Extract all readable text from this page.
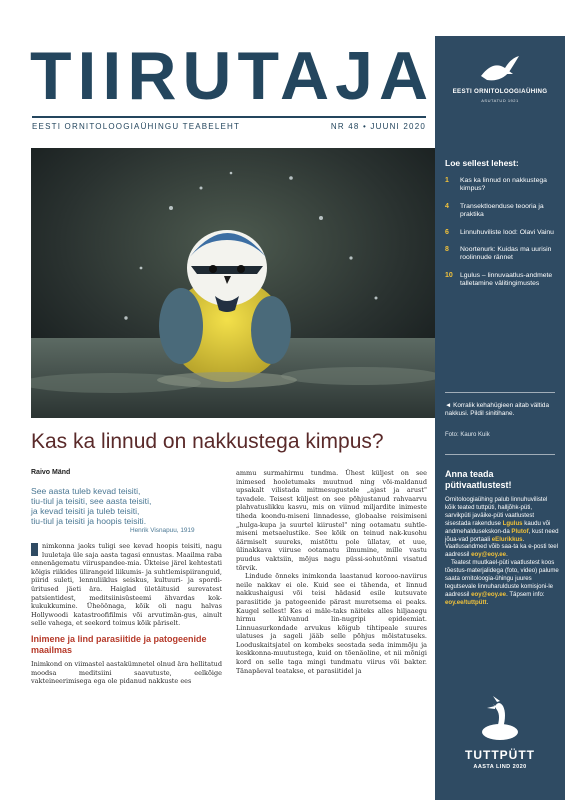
TIIRUTAJA
EESTI ORNITOLOOGIAÜHINGU TEABELEHT	NR 48 • JUUNI 2020
EESTI ORNITOLOOGIAÜHING
ASUTATUD 1921
Loe sellest lehest:
1	Kas ka linnud on nakkustega kimpus?
4	Transektloenduse teooria ja praktika
6	Linnuhuviliste lood: Olavi Vainu
8	Noortenurk: Kuidas ma uurisin roolinnude rännet
10	Lgulus – linnuvaatlus-andmete talletamine välitingimustes
◄ Korralik kehahügieen aitab vältida nakkusi. Pildil sinitihane.
Foto: Kauro Kuik
Anna teada pütivaatlustest!

Ornitoloogiaühing palub linnuhuvilistel kõik teated tuttpüti, halljõhk-püti, sarvikpüti javäike-püti vaatlustest sisestada rakenduse Lgulus kaudu või andmehaldusekskon-da Plutof, kust need jõua-vad portaali eElurikkus. Vaatlusandmed võib saa-ta ka e-posti teel aadressil eoy@eoy.ee.

Teatest muutkael-püti vaatlustest koos tõestus-materjalidega (foto, video) palume saata ornitoloogia-ühingu juures tegutsevale linnuharulduste komisjoni-le aadressil eoy@eoy.ee. Täpsem info: eoy.ee/tuttpütt.

TUTTPÜTT
AASTA LIND 2020
Kas ka linnud on nakkustega kimpus?
Raivo Mänd
See aasta tuleb kevad teisiti,
tiu-tiul ja teisiti, see aasta teisiti,
ja kevad teisiti ja tuleb teisiti,
tiu-tiul ja teisiti ja hoopis teisiti.
Henrik Visnapuu, 1919

nimkonna jaoks tuligi see kevad hoopis teisiti, nagu luuletaja üle saja aasta tagasi ennustas. Maailma raba ennenägematu viiruspandee-mia. Ükteise järel kehtestati kõigis riikides ülirangeid liikumis- ja suhtlemispiiranguid, piirid suleti, lennuliiklus seiskus, kultuuri- ja spordi-üritused jäeti ära. Haiglad ületäitusid surevatest patsientidest, meditsiinisüsteemi ähvardas kok-kukukkumine. Üheöönaga, kõik oli nagu halvas Hollywoodi katastroofifilmis või arvutimän-gus, ainult selle vahega, et seekord toimus kõik päriselt.

Inimene ja lind parasiitide ja patogeenide maailmas

Inimkond on viimastel aastakümnetel olnud ära hellitatud moodsa meditsiini saavutuste, eelkõige vakteineerimisega ega ole pidanud nakkuste ees

ammu surmahirmu tundma. Ühest küljest on see inimesed hooletumaks muutnud ning või-maldanud upsakalt vilistada mitmesugustele „ajast ja arust" tavadele. Teisest küljest on see põhjustanud rahvaarvu plahvatuslikku kasvu, mis on viinud miljardite inimeste tiheda koondu-miseni linnadesse, globaalse reisimiseni „hulga-kupa ja suurtel kiirustel" ning ootamatu suhtle-miseni metsaelustike. See kõik on teinud nak-kusohu äärmiselt suureks, mistõttu pole üllatav, et uue, ülinakkava viiruse ootamatu ilmumine, mille vastu puudus vaktsiin, mõjus nagu püssi-sohutõnni visatud tõrvik.

Lindude õnneks inimkonda laastanud korooo-naviirus neile nakkav ei ole. Kuid see ei tähenda, et linnud nakkushaigusi või teisi hädasid esile kutsuvate parasiitide ja patogeenide pärast muretsema ei peaks. Kaugel sellest! Kes ei mäle-taks näiteks alles hiljaaegu hirmu külvanud lin-nugripi epideemiat. Linnuasurkondade arvukus kõigub tihtipeale suures ulatuses ja sageli jääb selle põhjus mõistatuseks. Looduskaitsjatel on kombeks seostada seda inimmõju ja keskkonna-muutustega, kuid on tõenäoline, et nii mõnigi kord on selle taga mingi tundmatu viirus või bakter. Tänapäeval teatakse, et parasiitidel ja
